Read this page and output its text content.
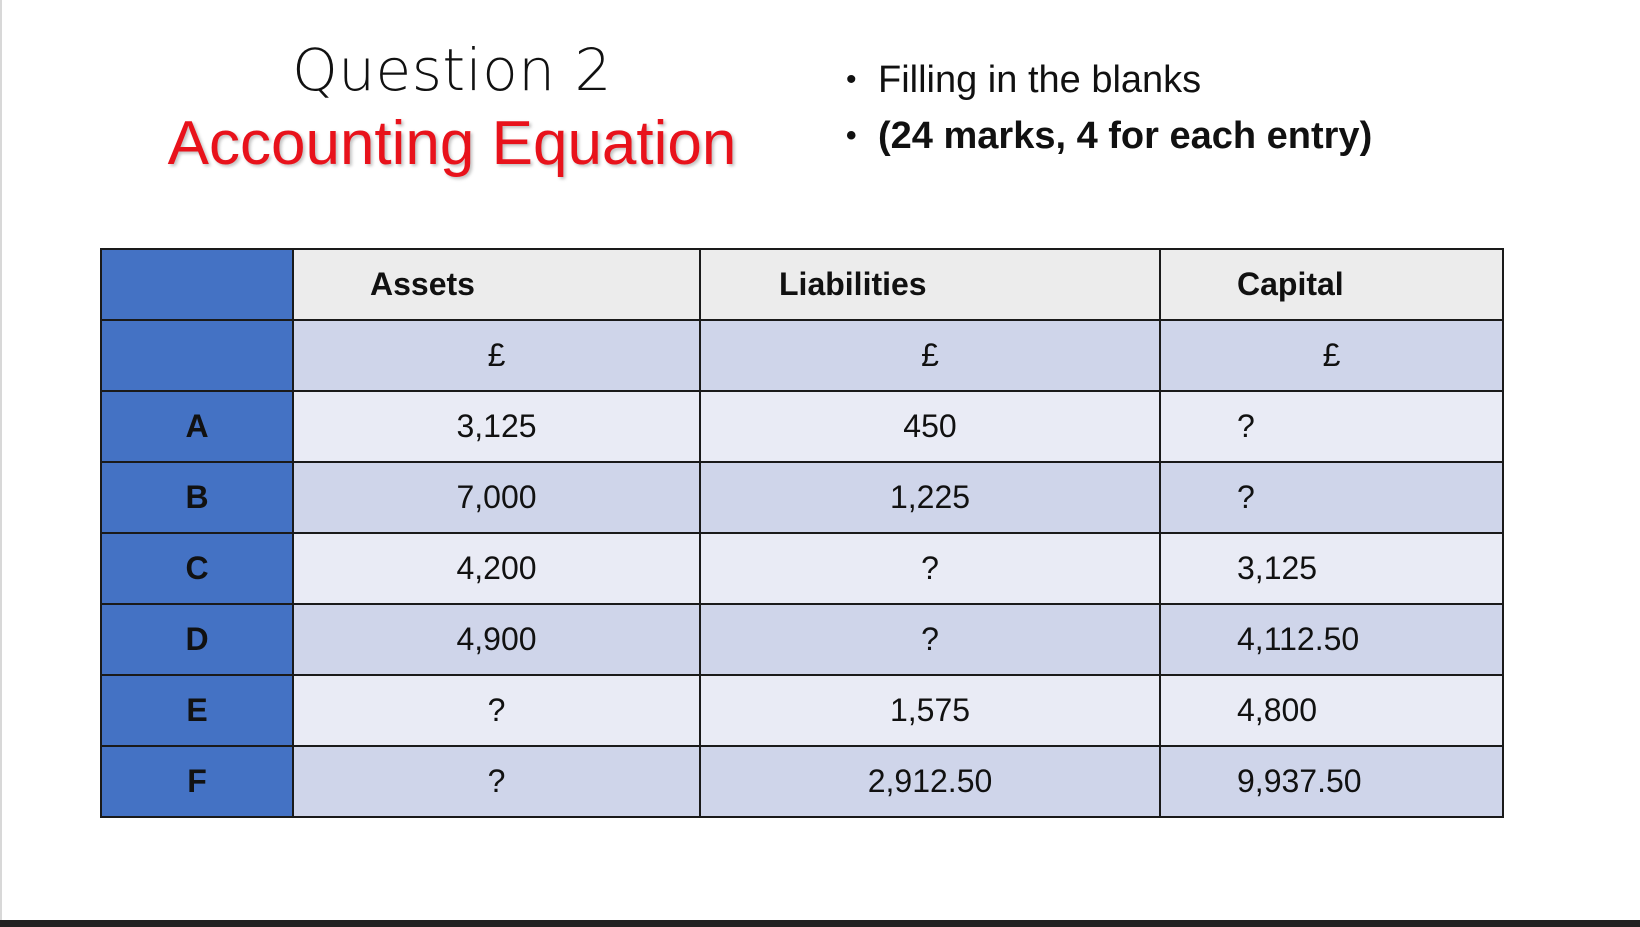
Question 2
Accounting Equation
• Filling in the blanks
• (24 marks, 4 for each entry)
	Assets	Liabilities	Capital
	£	£	£
A	3,125	450	?
B	7,000	1,225	?
C	4,200	?	3,125
D	4,900	?	4,112.50
E	?	1,575	4,800
F	?	2,912.50	9,937.50
